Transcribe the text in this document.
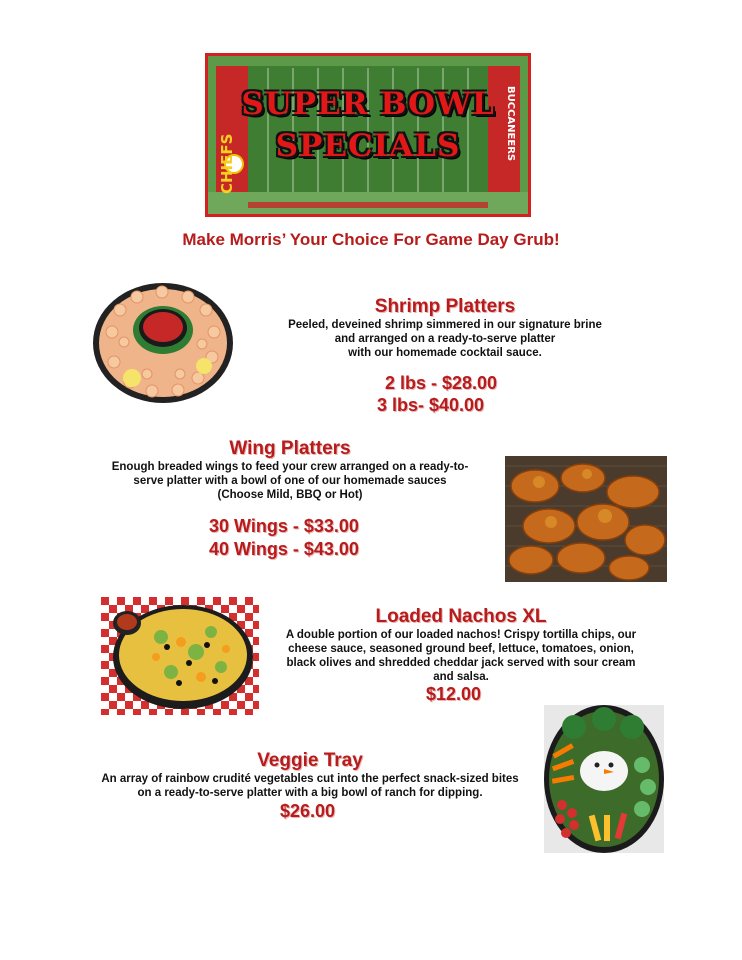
CHIEFS
BUCCANEERS
SUPER BOWL
SPECIALS
Make Morris’ Your Choice For Game Day Grub!
Shrimp Platters
Peeled, deveined shrimp simmered in our signature brine
and arranged on a ready-to-serve platter
with our homemade cocktail sauce.
2 lbs - $28.00
3 lbs- $40.00
Wing Platters
Enough breaded wings to feed your crew arranged on a ready-to-
serve platter with a bowl of one of our homemade sauces
(Choose Mild, BBQ or Hot)
30 Wings - $33.00
40 Wings - $43.00
Loaded Nachos XL
A double portion of our loaded nachos! Crispy tortilla chips, our
cheese sauce, seasoned ground beef, lettuce, tomatoes, onion,
black olives and shredded cheddar jack served with sour cream
and salsa.
$12.00
Veggie Tray
An array of rainbow crudité vegetables cut into the perfect snack-sized bites
on a ready-to-serve platter with a big bowl of ranch for dipping.
$26.00
